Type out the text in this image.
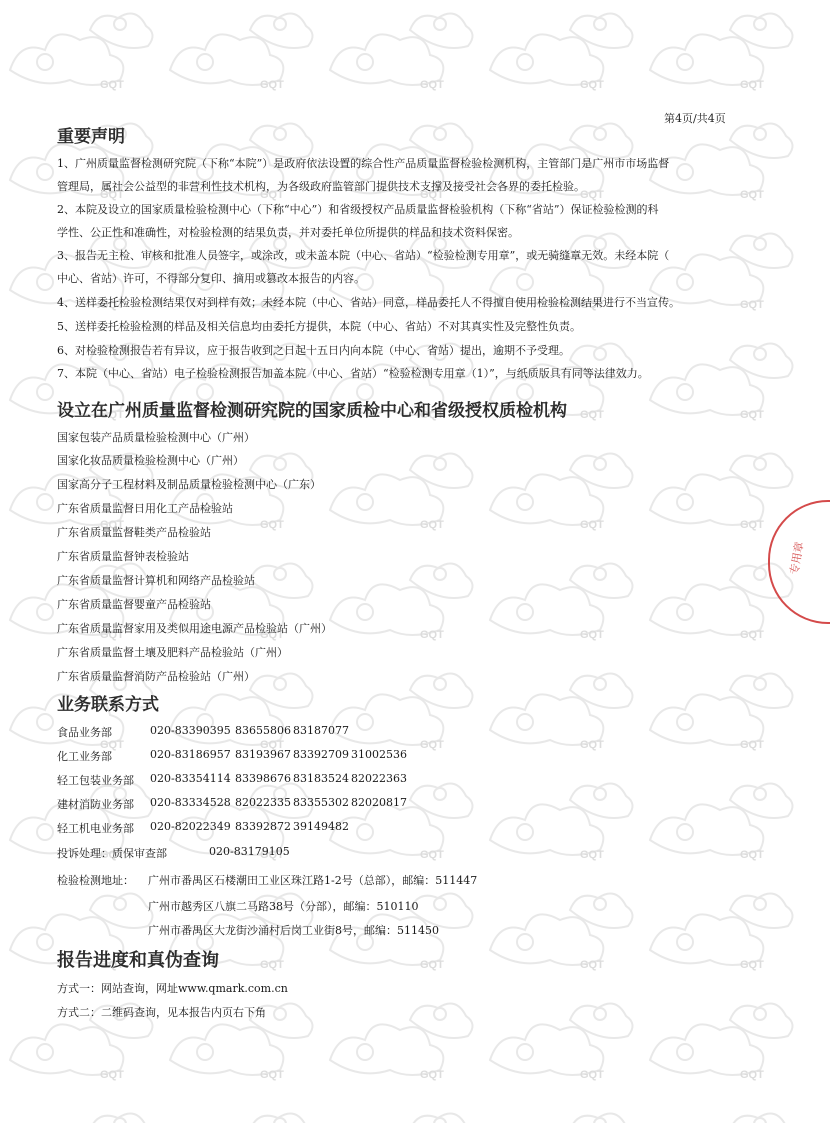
专用章
第4页/共4页
重要声明
1、广州质量监督检测研究院（下称“本院”）是政府依法设置的综合性产品质量监督检验检测机构，主管部门是广州市市场监督
管理局，属社会公益型的非营利性技术机构，为各级政府监管部门提供技术支撑及接受社会各界的委托检验。
2、本院及设立的国家质量检验检测中心（下称“中心”）和省级授权产品质量监督检验机构（下称“省站”）保证检验检测的科
学性、公正性和准确性，对检验检测的结果负责，并对委托单位所提供的样品和技术资料保密。
3、报告无主检、审核和批准人员签字，或涂改，或未盖本院（中心、省站）“检验检测专用章”，或无骑缝章无效。未经本院（
中心、省站）许可，不得部分复印、摘用或篡改本报告的内容。
4、送样委托检验检测结果仅对到样有效；未经本院（中心、省站）同意，样品委托人不得擅自使用检验检测结果进行不当宣传。
5、送样委托检验检测的样品及相关信息均由委托方提供，本院（中心、省站）不对其真实性及完整性负责。
6、对检验检测报告若有异议，应于报告收到之日起十五日内向本院（中心、省站）提出，逾期不予受理。
7、本院（中心、省站）电子检验检测报告加盖本院（中心、省站）“检验检测专用章（1）”，与纸质版具有同等法律效力。
设立在广州质量监督检测研究院的国家质检中心和省级授权质检机构
国家包装产品质量检验检测中心（广州）
国家化妆品质量检验检测中心（广州）
国家高分子工程材料及制品质量检验检测中心（广东）
广东省质量监督日用化工产品检验站
广东省质量监督鞋类产品检验站
广东省质量监督钟表检验站
广东省质量监督计算机和网络产品检验站
广东省质量监督婴童产品检验站
广东省质量监督家用及类似用途电源产品检验站（广州）
广东省质量监督土壤及肥料产品检验站（广州）
广东省质量监督消防产品检验站（广州）
业务联系方式
食品业务部	020-83390395 83655806 83187077
化工业务部	020-83186957 83193967 83392709 31002536
轻工包装业务部 020-83354114 83398676 83183524 82022363
建材消防业务部 020-83334528 82022335 83355302 82020817
轻工机电业务部 020-82022349 83392872 39149482
投诉处理：质保审查部	020-83179105
检验检测地址： 广州市番禺区石楼潮田工业区珠江路1-2号（总部），邮编：511447
广州市越秀区八旗二马路38号（分部），邮编：510110
广州市番禺区大龙街沙涌村后岗工业街8号，邮编：511450
报告进度和真伪查询
方式一：网站查询，网址www.qmark.com.cn
方式二：二维码查询，见本报告内页右下角
